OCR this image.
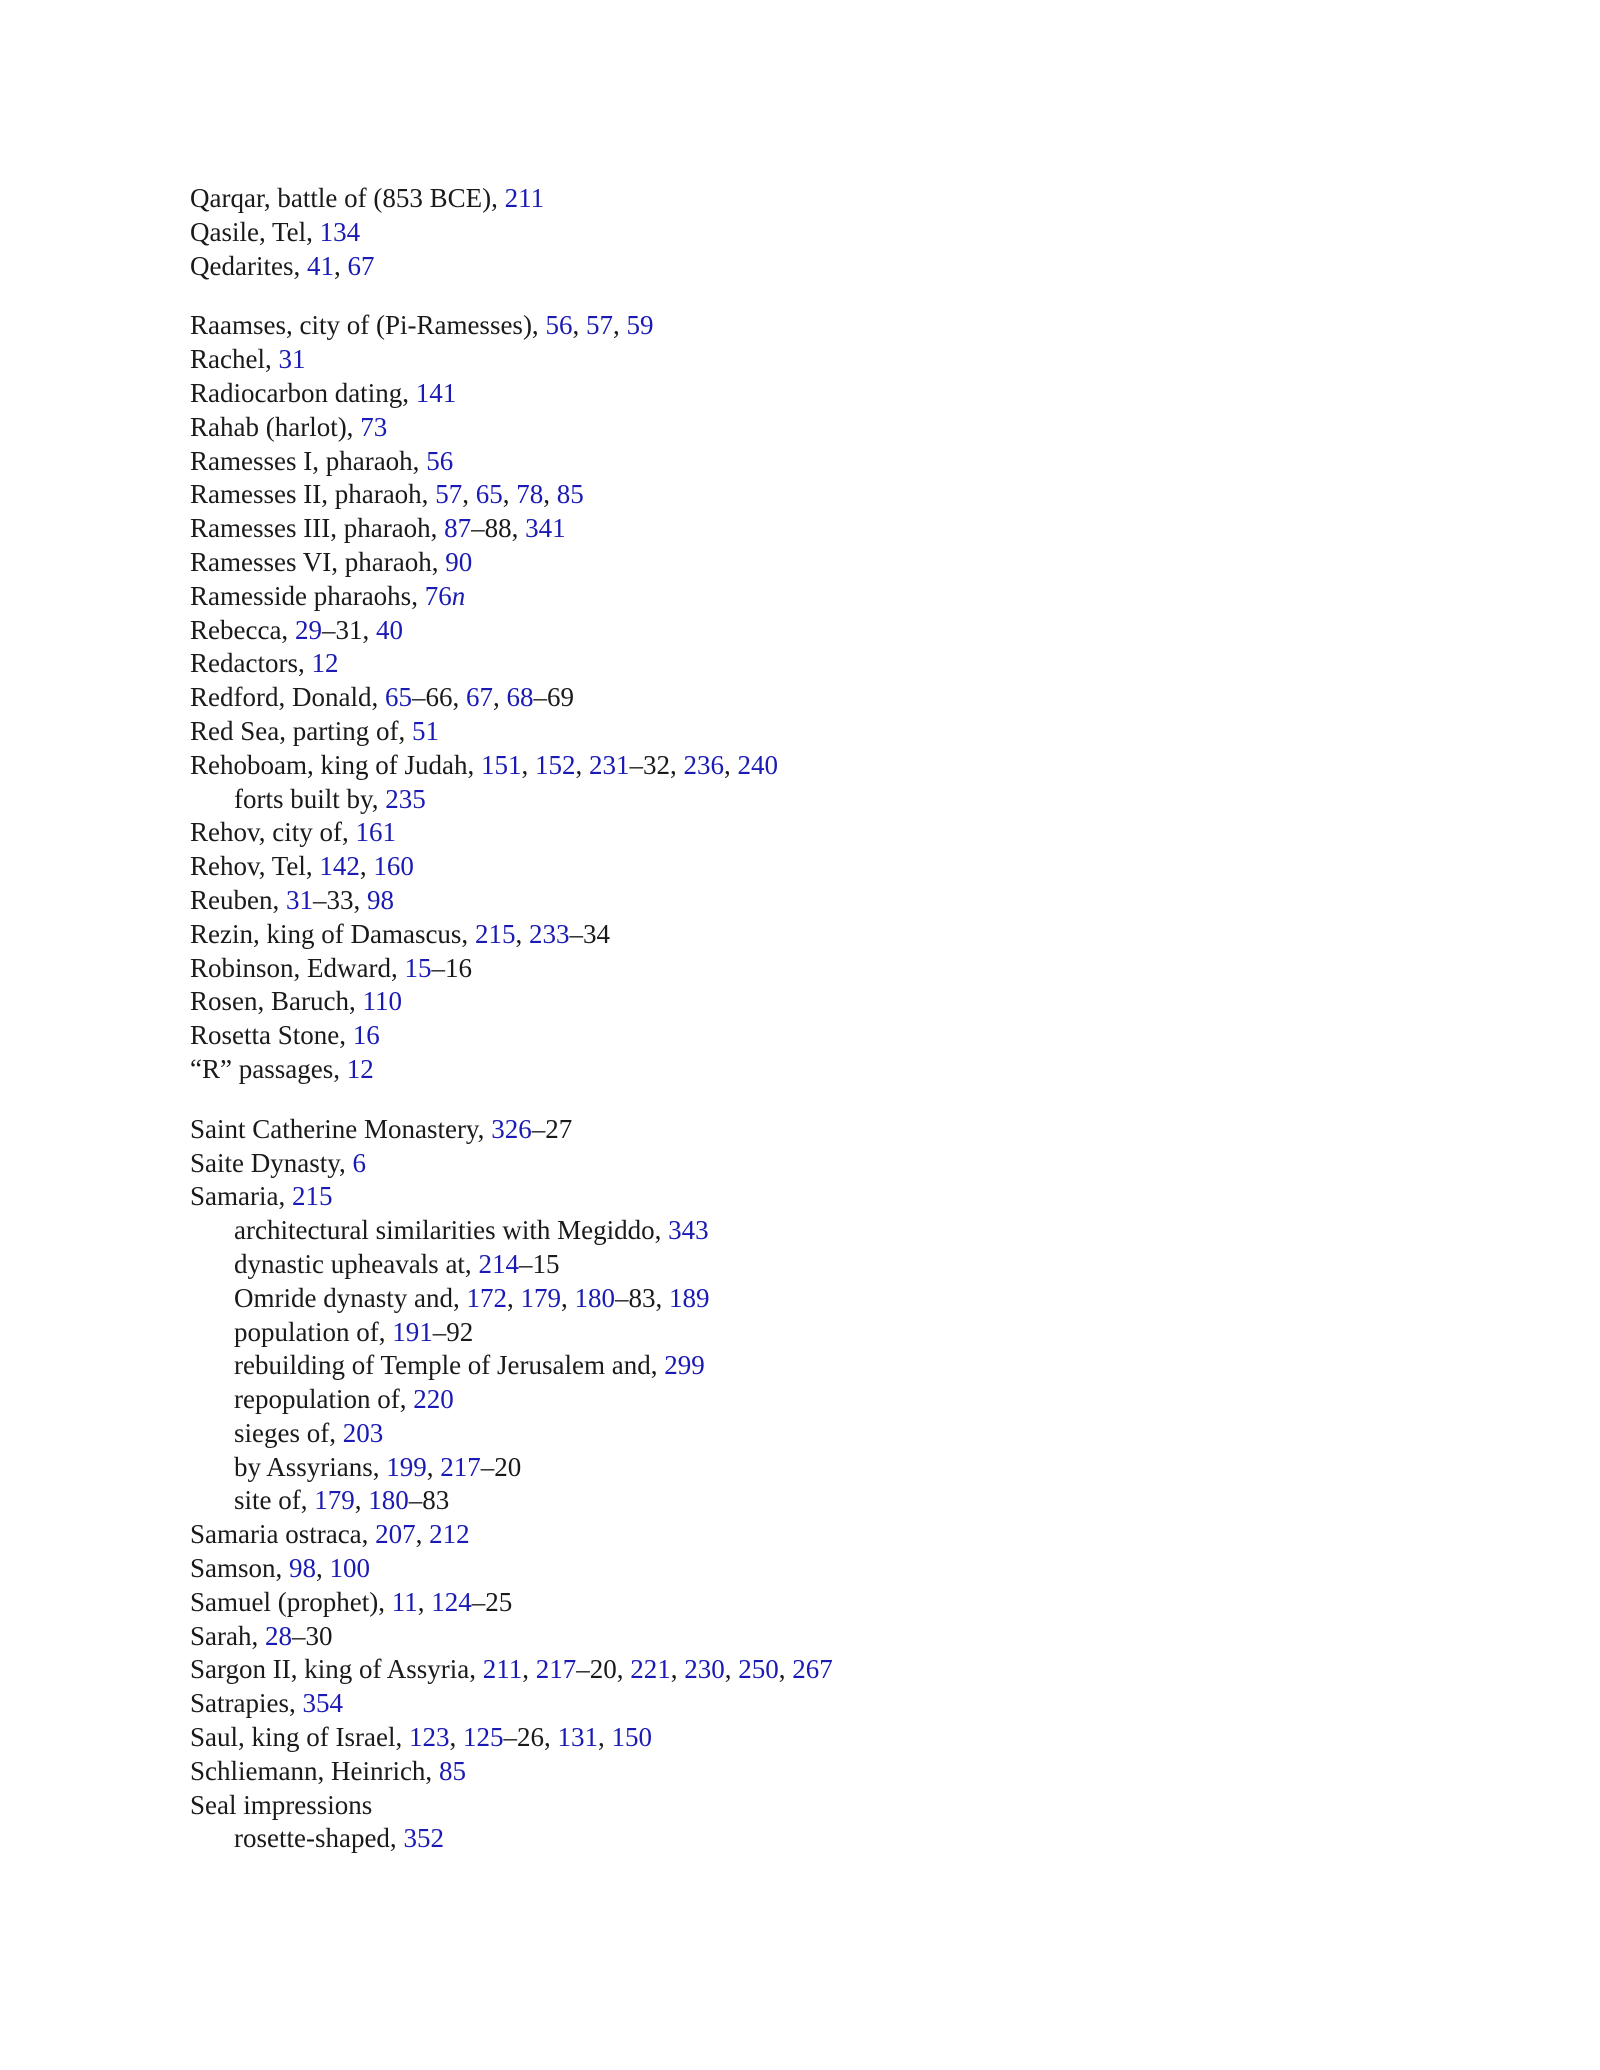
Qarqar, battle of (853 BCE), 211
Qasile, Tel, 134
Qedarites, 41, 67
Raamses, city of (Pi-Ramesses), 56, 57, 59
Rachel, 31
Radiocarbon dating, 141
Rahab (harlot), 73
Ramesses I, pharaoh, 56
Ramesses II, pharaoh, 57, 65, 78, 85
Ramesses III, pharaoh, 87–88, 341
Ramesses VI, pharaoh, 90
Ramesside pharaohs, 76n
Rebecca, 29–31, 40
Redactors, 12
Redford, Donald, 65–66, 67, 68–69
Red Sea, parting of, 51
Rehoboam, king of Judah, 151, 152, 231–32, 236, 240
forts built by, 235
Rehov, city of, 161
Rehov, Tel, 142, 160
Reuben, 31–33, 98
Rezin, king of Damascus, 215, 233–34
Robinson, Edward, 15–16
Rosen, Baruch, 110
Rosetta Stone, 16
“R” passages, 12
Saint Catherine Monastery, 326–27
Saite Dynasty, 6
Samaria, 215
architectural similarities with Megiddo, 343
dynastic upheavals at, 214–15
Omride dynasty and, 172, 179, 180–83, 189
population of, 191–92
rebuilding of Temple of Jerusalem and, 299
repopulation of, 220
sieges of, 203
by Assyrians, 199, 217–20
site of, 179, 180–83
Samaria ostraca, 207, 212
Samson, 98, 100
Samuel (prophet), 11, 124–25
Sarah, 28–30
Sargon II, king of Assyria, 211, 217–20, 221, 230, 250, 267
Satrapies, 354
Saul, king of Israel, 123, 125–26, 131, 150
Schliemann, Heinrich, 85
Seal impressions
rosette-shaped, 352
